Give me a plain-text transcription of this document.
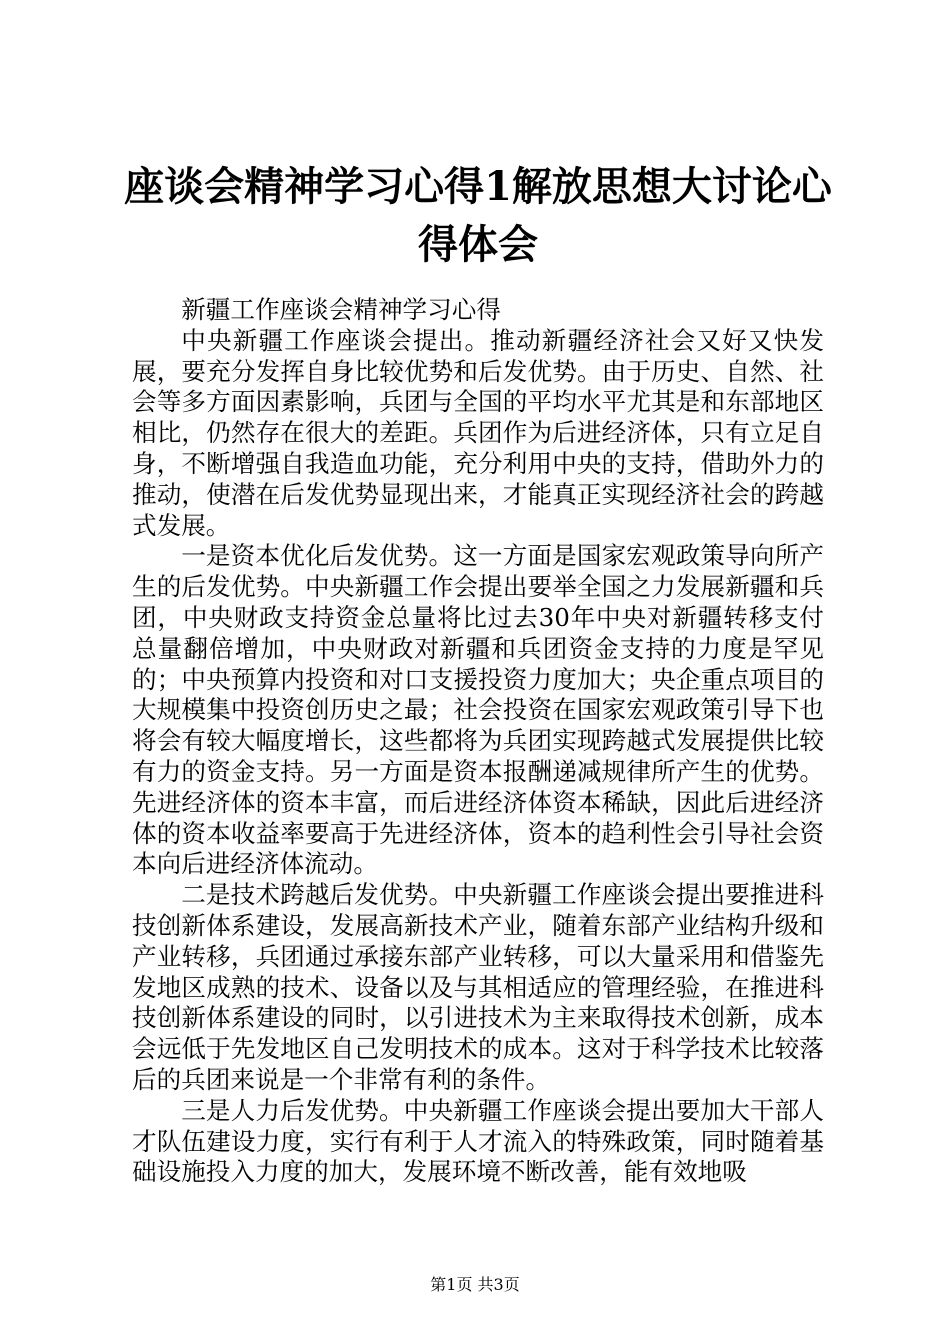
座谈会精神学习心得1解放思想大讨论心得体会

新疆工作座谈会精神学习心得

中央新疆工作座谈会提出。推动新疆经济社会又好又快发展，要充分发挥自身比较优势和后发优势。由于历史、自然、社会等多方面因素影响，兵团与全国的平均水平尤其是和东部地区相比，仍然存在很大的差距。兵团作为后进经济体，只有立足自身，不断增强自我造血功能，充分利用中央的支持，借助外力的推动，使潜在后发优势显现出来，才能真正实现经济社会的跨越式发展。

一是资本优化后发优势。这一方面是国家宏观政策导向所产生的后发优势。中央新疆工作会提出要举全国之力发展新疆和兵团，中央财政支持资金总量将比过去30年中央对新疆转移支付总量翻倍增加，中央财政对新疆和兵团资金支持的力度是罕见的；中央预算内投资和对口支援投资力度加大；央企重点项目的大规模集中投资创历史之最；社会投资在国家宏观政策引导下也将会有较大幅度增长，这些都将为兵团实现跨越式发展提供比较有力的资金支持。另一方面是资本报酬递减规律所产生的优势。先进经济体的资本丰富，而后进经济体资本稀缺，因此后进经济体的资本收益率要高于先进经济体，资本的趋利性会引导社会资本向后进经济体流动。

二是技术跨越后发优势。中央新疆工作座谈会提出要推进科技创新体系建设，发展高新技术产业，随着东部产业结构升级和产业转移，兵团通过承接东部产业转移，可以大量采用和借鉴先发地区成熟的技术、设备以及与其相适应的管理经验，在推进科技创新体系建设的同时，以引进技术为主来取得技术创新，成本会远低于先发地区自己发明技术的成本。这对于科学技术比较落后的兵团来说是一个非常有利的条件。

三是人力后发优势。中央新疆工作座谈会提出要加大干部人才队伍建设力度，实行有利于人才流入的特殊政策，同时随着基础设施投入力度的加大，发展环境不断改善，能有效地吸

第1页 共3页
